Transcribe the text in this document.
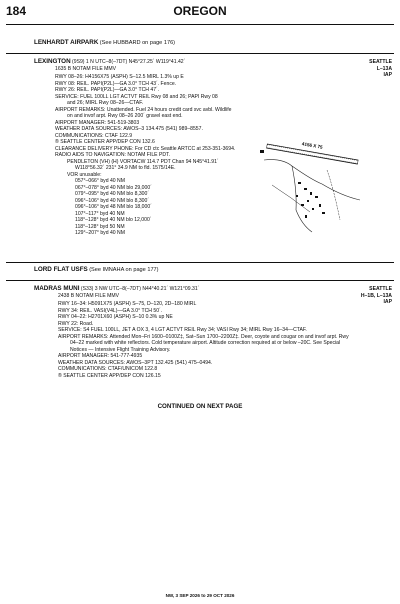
184	OREGON
LENHARDT AIRPARK (See HUBBARD on page 176)
LEXINGTON (9S9) 1 N UTC–8(–7DT) N45°27.25´ W119°41.42´
1635 B NOTAM FILE MMV
SEATTLE
L–13A
IAP
RWY 08–26: H4156X75 (ASPH) S–12.5 MIRL 1.3% up E
RWY 08: REIL. PAPI(P2L)—GA 3.0° TCH 43´. Fence.
RWY 26: REIL. PAPI(P2L)—GA 3.0° TCH 47´.
SERVICE: FUEL 100LL LGT ACTVT REIL Rwy 08 and 26; PAPI Rwy 08
and 26; MIRL Rwy 08–26—CTAF.
AIRPORT REMARKS: Unattended. Fuel 24 hours credit card svc avbl. Wildlife
on and invof arpt. Rwy 08–26 200´ gravel east end.
AIRPORT MANAGER: 541-519-3803
WEATHER DATA SOURCES: AWOS–3 134.475 (541) 989–8557.
COMMUNICATIONS: CTAF 122.9
® SEATTLE CENTER APP/DEP CON 132.6
CLEARANCE DELIVERY PHONE: For CD ctc Seattle ARTCC at 253-351-3694.
RADIO AIDS TO NAVIGATION: NOTAM FILE PDT.
PENDLETON (VH) (H) VORTACW 114.7 PDT Chan 94 N45°41.91´
W118°56.32´ 231° 34.9 NM to fld. 1575/14E.
VOR unusable:
057°–066° byd 40 NM
067°–078° byd 40 NM blo 29,000´
079°–095° byd 40 NM blo 8,300´
096°–106° byd 40 NM blo 8,300´
096°–106° byd 48 NM blo 18,000´
107°–117° byd 40 NM
118°–128° byd 40 NM blo 12,000´
118°–128° byd 50 NM
129°–207° byd 40 NM
4156 X 75
LORD FLAT USFS (See IMNAHA on page 177)
MADRAS MUNI (S33) 3 NW UTC–8(–7DT) N44°40.21´ W121°09.31´
2438 B NOTAM FILE MMV
SEATTLE
H–1B, L–13A
IAP
RWY 16–34: H5091X75 (ASPH) S–75, D–120, 2D–180 MIRL
RWY 34: REIL. VASI(V4L)—GA 3.0° TCH 50´.
RWY 04–22: H2701X60 (ASPH) S–10 0.3% up NE
RWY 22: Road.
SERVICE: S4 FUEL 100LL, JET A OX 3, 4 LGT ACTVT REIL Rwy 34; VASI Rwy 34; MIRL Rwy 16–34—CTAF.
AIRPORT REMARKS: Attended Mon–Fri 1600–0100Z‡, Sat–Sun 1700–2200Z‡. Deer, coyote and cougar on and invof arpt. Rwy
04–22 marked with white reflectors. Cold temperature airport. Altitude correction required at or below –20C. See Special
Notices — Intensive Flight Training Advisory.
AIRPORT MANAGER: 541-777-4935
WEATHER DATA SOURCES: AWOS–3PT 132.425 (541) 475–0494.
COMMUNICATIONS: CTAF/UNICOM 122.8
® SEATTLE CENTER APP/DEP CON 126.15
CONTINUED ON NEXT PAGE
NW, 3 SEP 2026 to 29 OCT 2026
